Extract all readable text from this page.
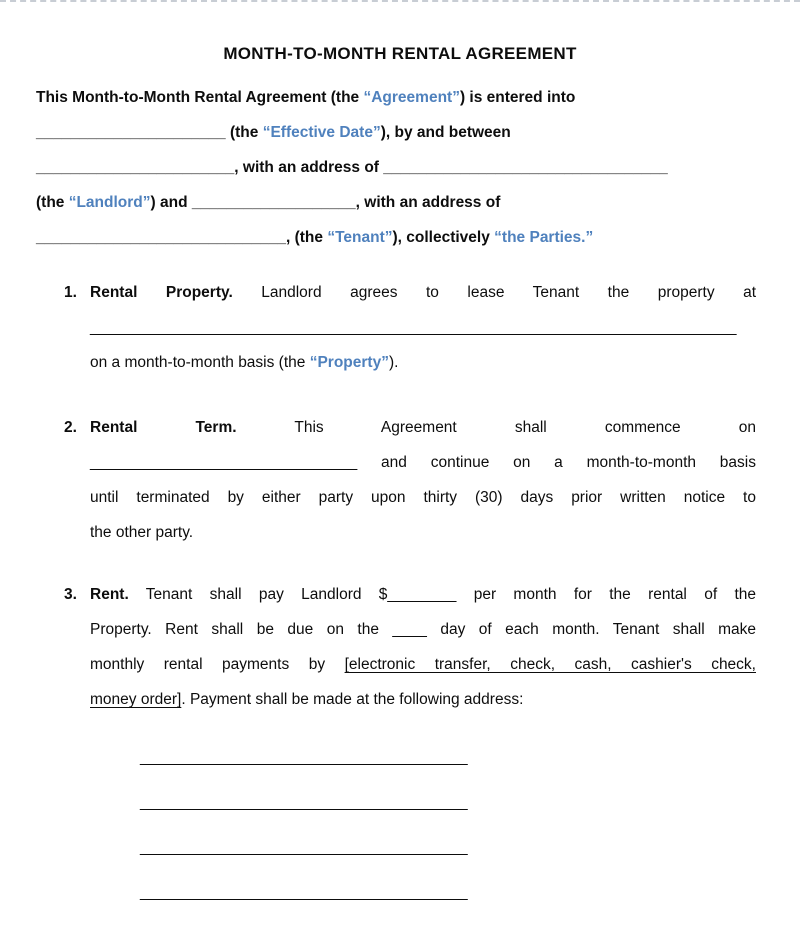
MONTH-TO-MONTH RENTAL AGREEMENT
This Month-to-Month Rental Agreement (the “Agreement”) is entered into
______________________ (the “Effective Date”), by and between
_______________________, with an address of _________________________________
(the “Landlord”) and ___________________, with an address of
_____________________________, (the “Tenant”), collectively “the Parties.”
1. Rental Property. Landlord agrees to lease Tenant the property at
___________________________________________________________________________
on a month-to-month basis (the “Property”).
2. Rental Term. This Agreement shall commence on
_______________________________ and continue on a month-to-month basis
until terminated by either party upon thirty (30) days prior written notice to
the other party.
3. Rent. Tenant shall pay Landlord $________ per month for the rental of the
Property. Rent shall be due on the ____ day of each month. Tenant shall make
monthly rental payments by [electronic transfer, check, cash, cashier's check,
money order]. Payment shall be made at the following address:
______________________________________
______________________________________
______________________________________
______________________________________
